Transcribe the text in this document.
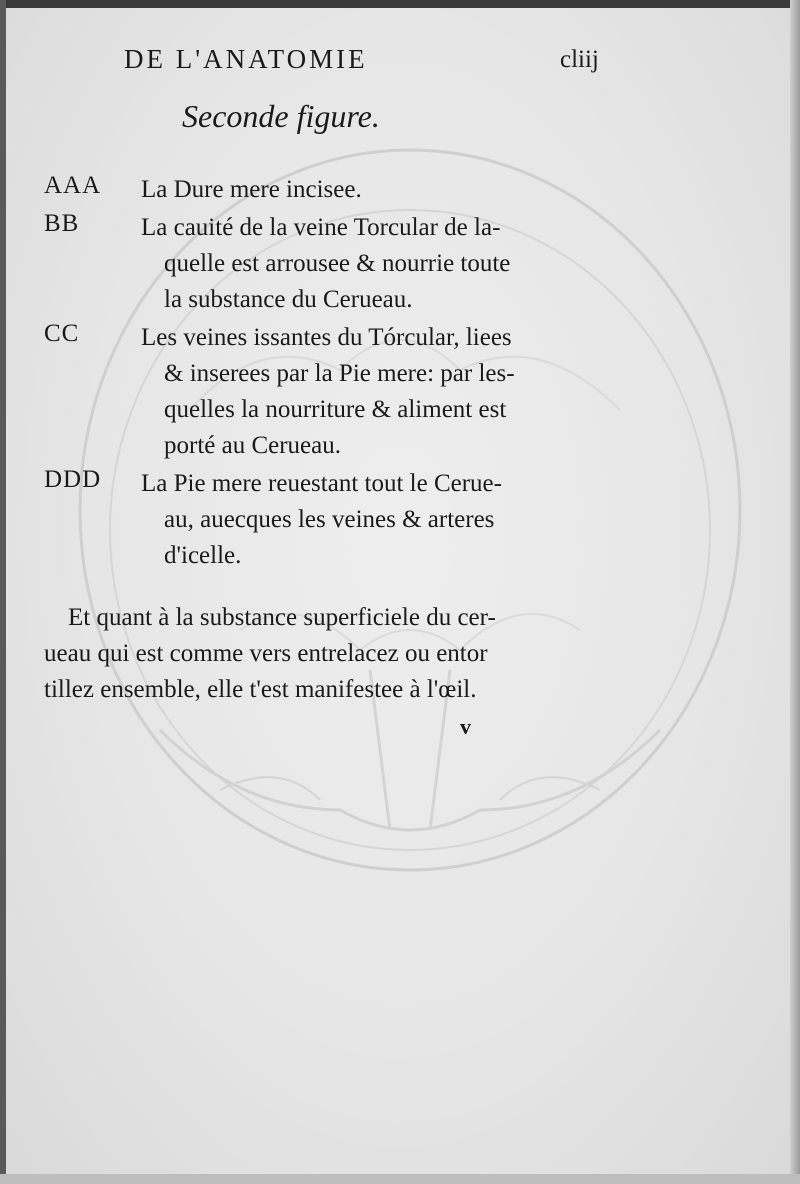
DE L'ANATOMIE	cliij
Seconde figure.
AAA	La Dure mere incisee.
BB	La cauité de la veine Torcular de la-
quelle est arrousee & nourrie toute
la substance du Cerueau.
CC	Les veines issantes du Tórcular, liees
& inserees par la Pie mere: par les-
quelles la nourriture & aliment est
porté au Cerueau.
DDD	La Pie mere reuestant tout le Cerue-
au, auecques les veines & arteres
d'icelle.
Et quant à la substance superficiele du cer-
ueau qui est comme vers entrelacez ou entor
tillez ensemble, elle t'est manifestee à l'œil.
v
